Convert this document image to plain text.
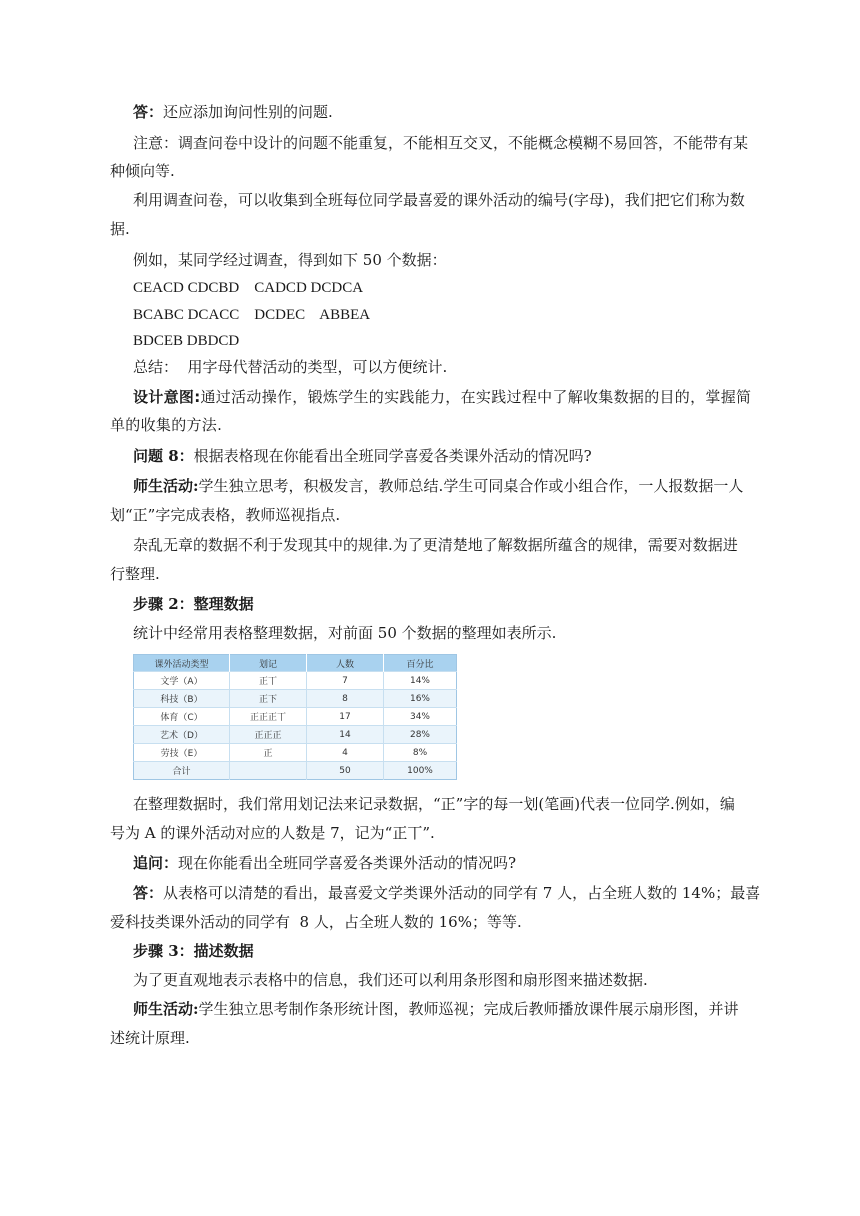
答：还应添加询问性别的问题.
注意：调查问卷中设计的问题不能重复，不能相互交叉，不能概念模糊不易回答，不能带有某
种倾向等.
利用调查问卷，可以收集到全班每位同学最喜爱的课外活动的编号(字母)，我们把它们称为数
据.
例如，某同学经过调查，得到如下 50 个数据：
CEACD CDCBD    CADCD DCDCA
BCABC DCACC    DCDEC    ABBEA
BDCEB DBDCD
总结：  用字母代替活动的类型，可以方便统计.
设计意图:通过活动操作，锻炼学生的实践能力，在实践过程中了解收集数据的目的，掌握简
单的收集的方法.
问题 8：根据表格现在你能看出全班同学喜爱各类课外活动的情况吗?
师生活动:学生独立思考，积极发言，教师总结.学生可同桌合作或小组合作，一人报数据一人
划“正”字完成表格，教师巡视指点.
杂乱无章的数据不利于发现其中的规律.为了更清楚地了解数据所蕴含的规律，需要对数据进
行整理.
步骤 2：整理数据
统计中经常用表格整理数据，对前面 50 个数据的整理如表所示.
课外活动类型	划记	人数	百分比
文学（A）	正丅	7	14%
科技（B）	正下	8	16%
体育（C）	正正正丅	17	34%
艺术（D）	正正正	14	28%
劳技（E）	正	4	8%
合计		50	100%
在整理数据时，我们常用划记法来记录数据，“正”字的每一划(笔画)代表一位同学.例如，编
号为 A 的课外活动对应的人数是 7，记为“正丅”.
追问：现在你能看出全班同学喜爱各类课外活动的情况吗?
答：从表格可以清楚的看出，最喜爱文学类课外活动的同学有 7 人，占全班人数的 14%；最喜
爱科技类课外活动的同学有  8 人，占全班人数的 16%；等等.
步骤 3：描述数据
为了更直观地表示表格中的信息，我们还可以利用条形图和扇形图来描述数据.
师生活动:学生独立思考制作条形统计图，教师巡视；完成后教师播放课件展示扇形图，并讲
述统计原理.
